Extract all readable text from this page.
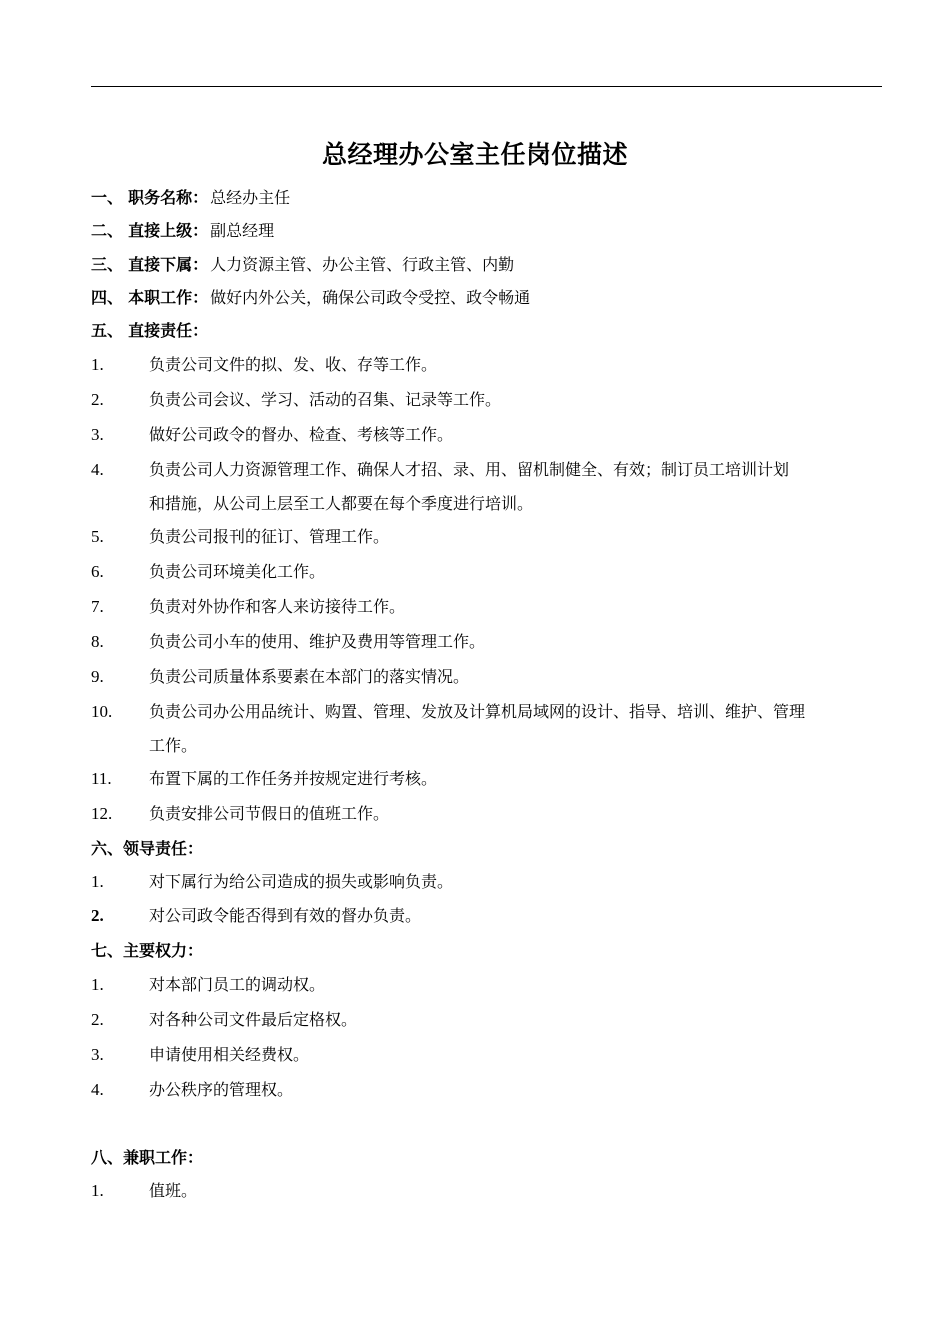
总经理办公室主任岗位描述
一、 职务名称： 总经办主任
二、 直接上级： 副总经理
三、 直接下属： 人力资源主管、办公主管、行政主管、内勤
四、 本职工作： 做好内外公关，确保公司政令受控、政令畅通
五、 直接责任：
1.	负责公司文件的拟、发、收、存等工作。
2.	负责公司会议、学习、活动的召集、记录等工作。
3.	做好公司政令的督办、检查、考核等工作。
4.	负责公司人力资源管理工作、确保人才招、录、用、留机制健全、有效；制订员工培训计划
和措施，从公司上层至工人都要在每个季度进行培训。
5.	负责公司报刊的征订、管理工作。
6.	负责公司环境美化工作。
7.	负责对外协作和客人来访接待工作。
8.	负责公司小车的使用、维护及费用等管理工作。
9.	负责公司质量体系要素在本部门的落实情况。
10. 负责公司办公用品统计、购置、管理、发放及计算机局域网的设计、指导、培训、维护、管理
工作。
11. 布置下属的工作任务并按规定进行考核。
12. 负责安排公司节假日的值班工作。
六、领导责任：
1.	对下属行为给公司造成的损失或影响负责。
2.	对公司政令能否得到有效的督办负责。
七、主要权力：
1.	对本部门员工的调动权。
2.	对各种公司文件最后定格权。
3.	申请使用相关经费权。
4.	办公秩序的管理权。
八、兼职工作：
1.	值班。
